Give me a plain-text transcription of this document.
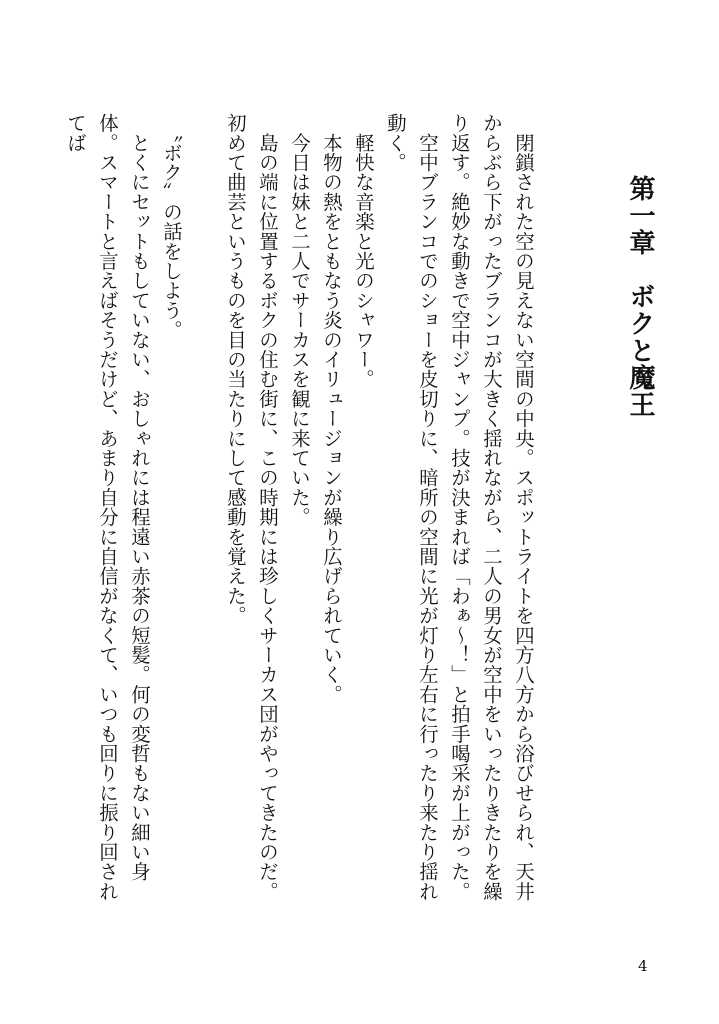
第一章　ボクと魔王

　閉鎖された空の見えない空間の中央。スポットライトを四方八方から浴びせられ、天井からぶら下がったブランコが大きく揺れながら、二人の男女が空中をいったりきたりを繰り返す。絶妙な動きで空中ジャンプ。技が決まれば「わぁ～！」と拍手喝采が上がった。

　空中ブランコでのショーを皮切りに、暗所の空間に光が灯り左右に行ったり来たり揺れ動く。

　軽快な音楽と光のシャワー。

　本物の熱をともなう炎のイリュージョンが繰り広げられていく。

　今日は妹と二人でサーカスを観に来ていた。

　島の端に位置するボクの住む街に、この時期には珍しくサーカス団がやってきたのだ。初めて曲芸というものを目の当たりにして感動を覚えた。

　〝ボク〟の話をしよう。

　とくにセットもしていない、おしゃれには程遠い赤茶の短髪。何の変哲もない細い身体。スマートと言えばそうだけど、あまり自分に自信がなくて、いつも回りに振り回されてば

4
